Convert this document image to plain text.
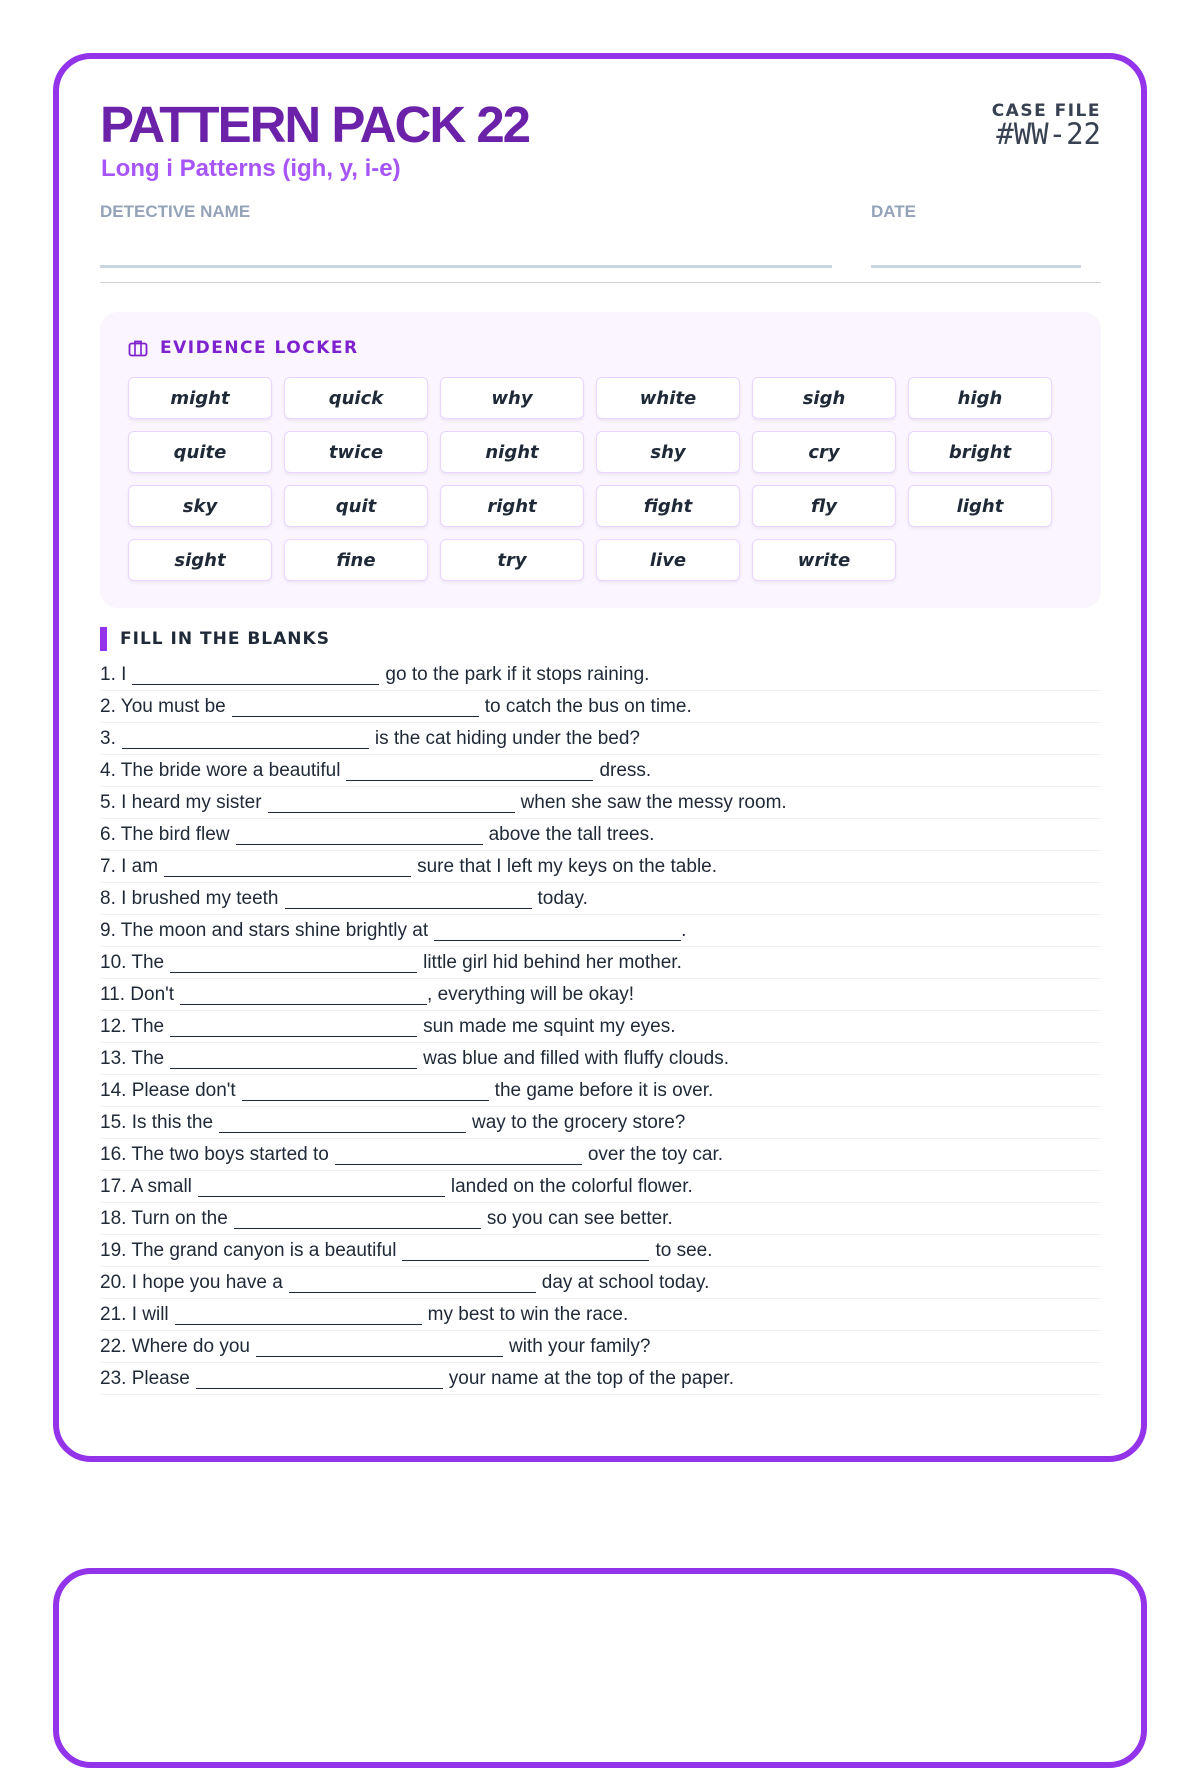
PATTERN PACK 22
Long i Patterns (igh, y, i-e)
CASE FILE
#WW-22
DETECTIVE NAME	DATE
EVIDENCE LOCKER
might	quick	why	white	sigh	high
quite	twice	night	shy	cry	bright
sky	quit	right	fight	fly	light
sight	fine	try	live	write
FILL IN THE BLANKS
1. I	go to the park if it stops raining.
2. You must be	to catch the bus on time.
3.	is the cat hiding under the bed?
4. The bride wore a beautiful	dress.
5. I heard my sister	when she saw the messy room.
6. The bird flew	above the tall trees.
7. I am	sure that I left my keys on the table.
8. I brushed my teeth	today.
9. The moon and stars shine brightly at	.
10. The	little girl hid behind her mother.
11. Don't	, everything will be okay!
12. The	sun made me squint my eyes.
13. The	was blue and filled with fluffy clouds.
14. Please don't	the game before it is over.
15. Is this the	way to the grocery store?
16. The two boys started to	over the toy car.
17. A small	landed on the colorful flower.
18. Turn on the	so you can see better.
19. The grand canyon is a beautiful	to see.
20. I hope you have a	day at school today.
21. I will	my best to win the race.
22. Where do you	with your family?
23. Please	your name at the top of the paper.
